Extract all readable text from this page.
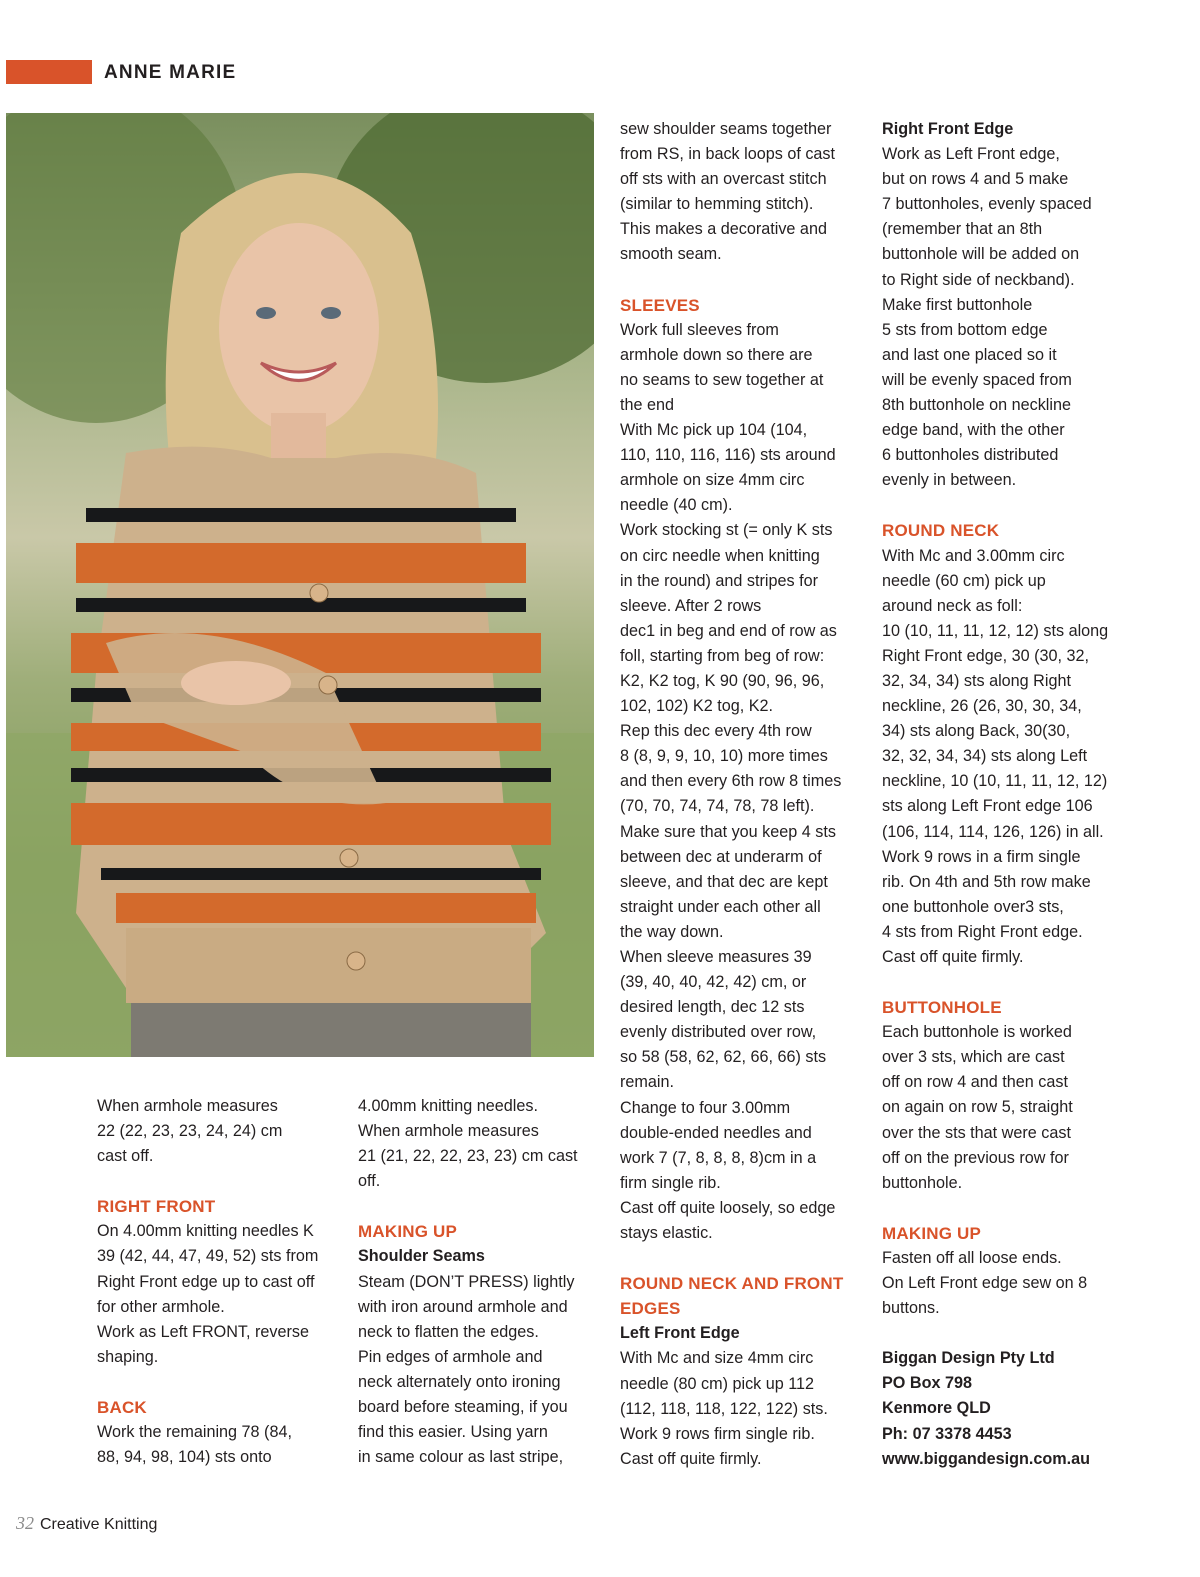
ANNE MARIE

When armhole measures
22 (22, 23, 23, 24, 24) cm
cast off.

RIGHT FRONT

On 4.00mm knitting needles K
39 (42, 44, 47, 49, 52) sts from
Right Front edge up to cast off
for other armhole.
Work as Left FRONT, reverse
shaping.

BACK

Work the remaining 78 (84,
88, 94, 98, 104) sts onto

4.00mm knitting needles.
When armhole measures
21 (21, 22, 22, 23, 23) cm cast
off.

MAKING UP
Shoulder Seams

Steam (DON’T PRESS) lightly
with iron around armhole and
neck to flatten the edges.
Pin edges of armhole and
neck alternately onto ironing
board before steaming, if you
find this easier. Using yarn
in same colour as last stripe,

sew shoulder seams together
from RS, in back loops of cast
off sts with an overcast stitch
(similar to hemming stitch).
This makes a decorative and
smooth seam.

SLEEVES

Work full sleeves from
armhole down so there are
no seams to sew together at
the end
With Mc pick up 104 (104,
110, 110, 116, 116) sts around
armhole on size 4mm circ
needle (40 cm).
Work stocking st (= only K sts
on circ needle when knitting
in the round) and stripes for
sleeve. After 2 rows
dec1 in beg and end of row as
foll, starting from beg of row:
K2, K2 tog, K 90 (90, 96, 96,
102, 102) K2 tog, K2.
Rep this dec every 4th row
8 (8, 9, 9, 10, 10) more times
and then every 6th row 8 times
(70, 70, 74, 74, 78, 78 left).
Make sure that you keep 4 sts
between dec at underarm of
sleeve, and that dec are kept
straight under each other all
the way down.
When sleeve measures 39
(39, 40, 40, 42, 42) cm, or
desired length, dec 12 sts
evenly distributed over row,
so 58 (58, 62, 62, 66, 66) sts
remain.
Change to four 3.00mm
double-ended needles and
work 7 (7, 8, 8, 8, 8)cm in a
firm single rib.
Cast off quite loosely, so edge
stays elastic.

ROUND NECK AND FRONT
EDGES
Left Front Edge

With Mc and size 4mm circ
needle (80 cm) pick up 112
(112, 118, 118, 122, 122) sts.
Work 9 rows firm single rib.
Cast off quite firmly.

Right Front Edge

Work as Left Front edge,
but on rows 4 and 5 make
7 buttonholes, evenly spaced
(remember that an 8th
buttonhole will be added on
to Right side of neckband).
Make first buttonhole
5 sts from bottom edge
and last one placed so it
will be evenly spaced from
8th buttonhole on neckline
edge band, with the other
6 buttonholes distributed
evenly in between.

ROUND NECK

With Mc and 3.00mm circ
needle (60 cm) pick up
around neck as foll:
10 (10, 11, 11, 12, 12) sts along
Right Front edge, 30 (30, 32,
32, 34, 34) sts along Right
neckline, 26 (26, 30, 30, 34,
34) sts along Back, 30(30,
32, 32, 34, 34) sts along Left
neckline, 10 (10, 11, 11, 12, 12)
sts along Left Front edge 106
(106, 114, 114, 126, 126) in all.
Work 9 rows in a firm single
rib. On 4th and 5th row make
one buttonhole over3 sts,
4 sts from Right Front edge.
Cast off quite firmly.

BUTTONHOLE

Each buttonhole is worked
over 3 sts, which are cast
off on row 4 and then cast
on again on row 5, straight
over the sts that were cast
off on the previous row for
buttonhole.

MAKING UP

Fasten off all loose ends.
On Left Front edge sew on 8
buttons.

Biggan Design Pty Ltd
PO Box 798
Kenmore QLD
Ph: 07 3378 4453
www.biggandesign.com.au

32 Creative Knitting
